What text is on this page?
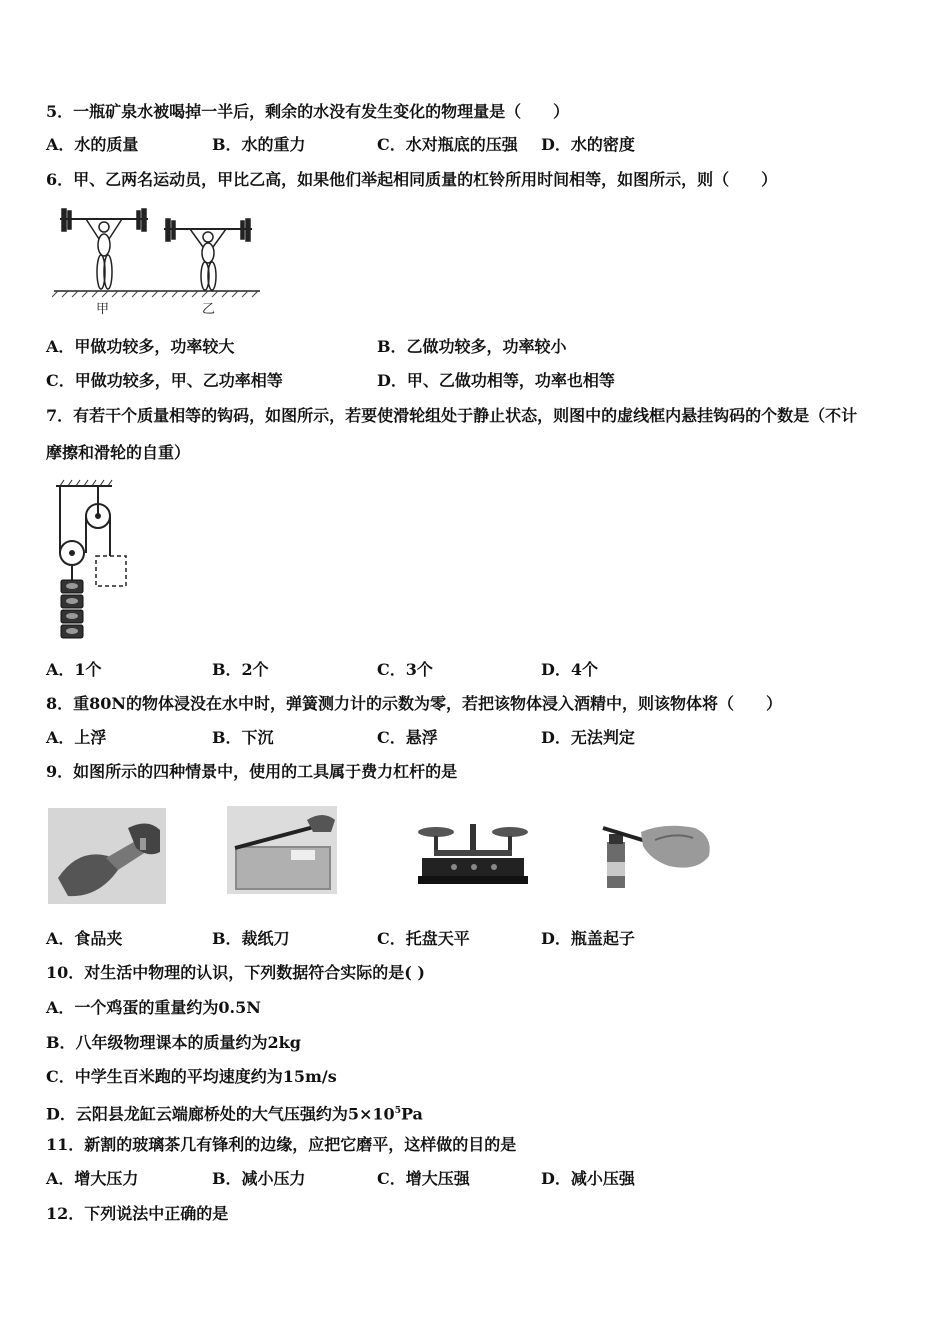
5．一瓶矿泉水被喝掉一半后，剩余的水没有发生变化的物理量是（　　）
A．水的质量	B．水的重力	C．水对瓶底的压强 D．水的密度
6．甲、乙两名运动员，甲比乙高，如果他们举起相同质量的杠铃所用时间相等，如图所示，则（　　）
甲	乙
A．甲做功较多，功率较大	B．乙做功较多，功率较小
C．甲做功较多，甲、乙功率相等	D．甲、乙做功相等，功率也相等
7．有若干个质量相等的钩码，如图所示，若要使滑轮组处于静止状态，则图中的虚线框内悬挂钩码的个数是（不计
摩擦和滑轮的自重）
A．1个	B．2个	C．3个	D．4个
8．重80N的物体浸没在水中时，弹簧测力计的示数为零，若把该物体浸入酒精中，则该物体将（　　）
A．上浮	B．下沉	C．悬浮	D．无法判定
9．如图所示的四种情景中，使用的工具属于费力杠杆的是
A．食品夹	B．裁纸刀	C．托盘天平	D．瓶盖起子
10．对生活中物理的认识，下列数据符合实际的是( )
A．一个鸡蛋的重量约为0.5N
B．八年级物理课本的质量约为2kg
C．中学生百米跑的平均速度约为15m/s
D．云阳县龙缸云端廊桥处的大气压强约为$5\times 10^5Pa$
11．新割的玻璃茶几有锋利的边缘，应把它磨平，这样做的目的是
A．增大压力	B．减小压力	C．增大压强	D．减小压强
12．下列说法中正确的是
